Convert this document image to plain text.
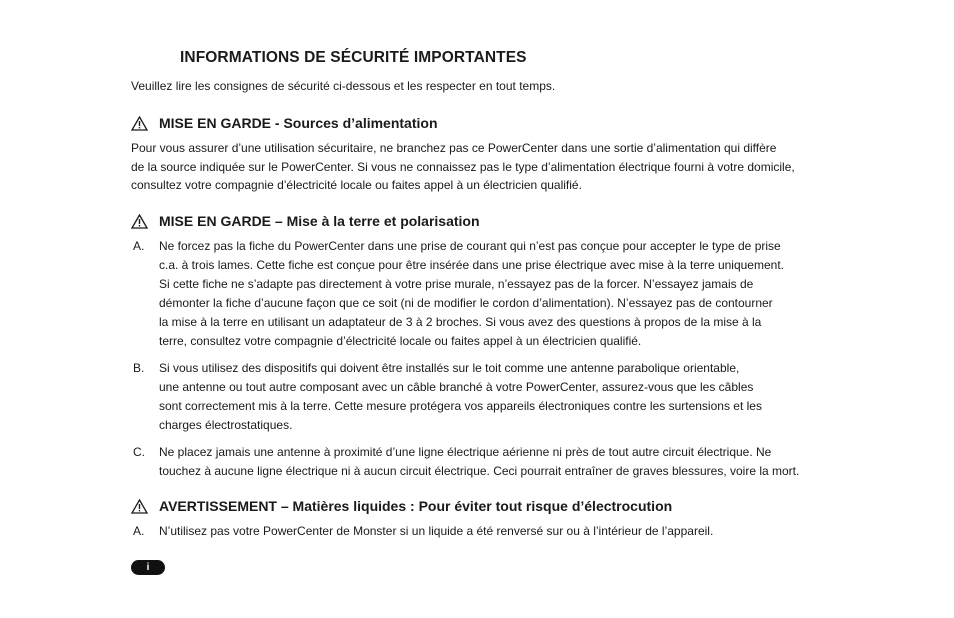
INFORMATIONS DE SÉCURITÉ IMPORTANTES

Veuillez lire les consignes de sécurité ci-dessous et les respecter en tout temps.

MISE EN GARDE - Sources d’alimentation

Pour vous assurer d’une utilisation sécuritaire, ne branchez pas ce PowerCenter dans une sortie d’alimentation qui diffère
de la source indiquée sur le PowerCenter. Si vous ne connaissez pas le type d’alimentation électrique fourni à votre domicile,
consultez votre compagnie d’électricité locale ou faites appel à un électricien qualifié.

MISE EN GARDE – Mise à la terre et polarisation
A. Ne forcez pas la fiche du PowerCenter dans une prise de courant qui n’est pas conçue pour accepter le type de prise
c.a. à trois lames. Cette fiche est conçue pour être insérée dans une prise électrique avec mise à la terre uniquement.
Si cette fiche ne s’adapte pas directement à votre prise murale, n’essayez pas de la forcer. N’essayez jamais de
démonter la fiche d’aucune façon que ce soit (ni de modifier le cordon d’alimentation). N’essayez pas de contourner
la mise à la terre en utilisant un adaptateur de 3 à 2 broches. Si vous avez des questions à propos de la mise à la
terre, consultez votre compagnie d’électricité locale ou faites appel à un électricien qualifié.
B. Si vous utilisez des dispositifs qui doivent être installés sur le toit comme une antenne parabolique orientable,
une antenne ou tout autre composant avec un câble branché à votre PowerCenter, assurez-vous que les câbles
sont correctement mis à la terre. Cette mesure protégera vos appareils électroniques contre les surtensions et les
charges électrostatiques.
C. Ne placez jamais une antenne à proximité d’une ligne électrique aérienne ni près de tout autre circuit électrique. Ne
touchez à aucune ligne électrique ni à aucun circuit électrique. Ceci pourrait entraîner de graves blessures, voire la mort.
AVERTISSEMENT – Matières liquides : Pour éviter tout risque d’électrocution
A. N’utilisez pas votre PowerCenter de Monster si un liquide a été renversé sur ou à l’intérieur de l’appareil.
i
